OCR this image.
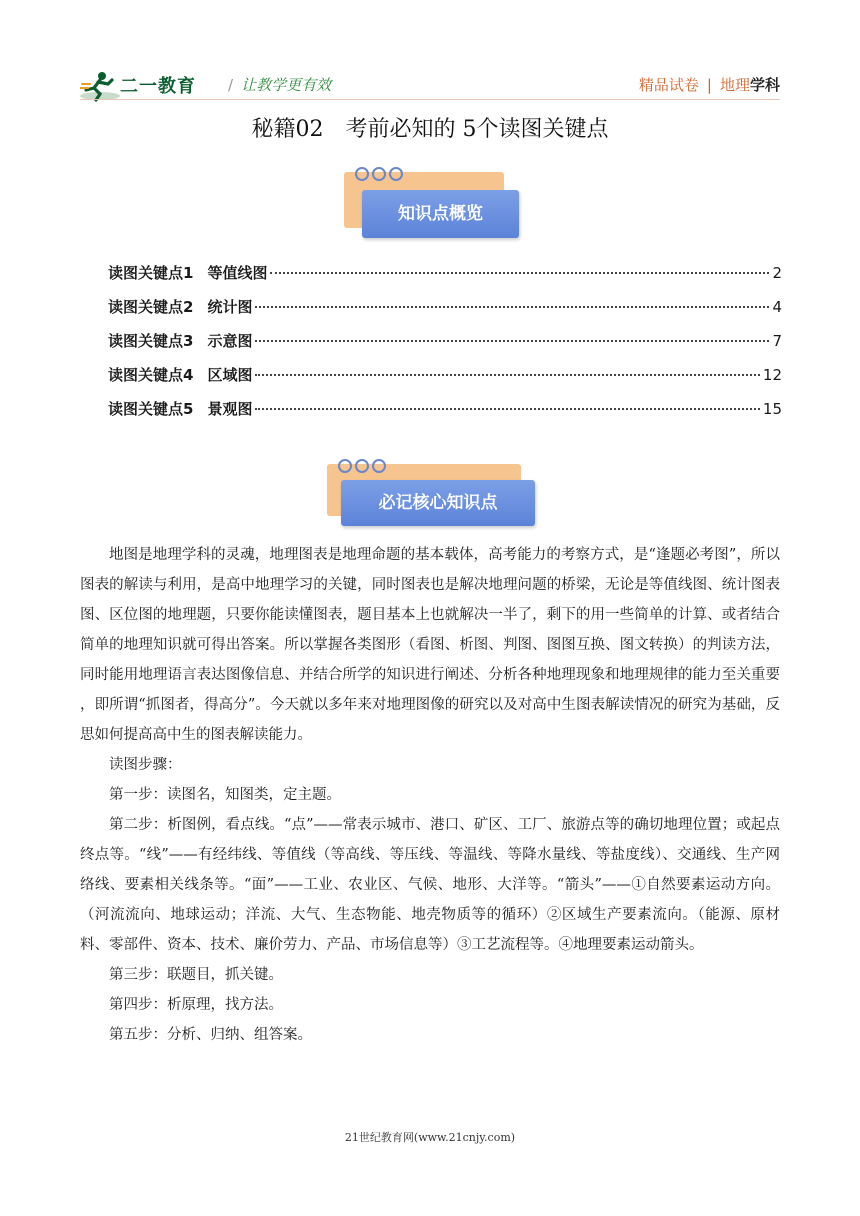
二一教育 / 让教学更有效	精品试卷 | 地理学科
秘籍02　考前必知的 5个读图关键点
知识点概览
读图关键点1 等值线图	2
读图关键点2 统计图	4
读图关键点3 示意图	7
读图关键点4 区域图	12
读图关键点5 景观图	15
必记核心知识点

地图是地理学科的灵魂，地理图表是地理命题的基本载体，高考能力的考察方式，是“逢题必考图”，所以图表的解读与利用，是高中地理学习的关键，同时图表也是解决地理问题的桥梁，无论是等值线图、统计图表图、区位图的地理题，只要你能读懂图表，题目基本上也就解决一半了，剩下的用一些简单的计算、或者结合简单的地理知识就可得出答案。所以掌握各类图形（看图、析图、判图、图图互换、图文转换）的判读方法，同时能用地理语言表达图像信息、并结合所学的知识进行阐述、分析各种地理现象和地理规律的能力至关重要 ，即所谓“抓图者，得高分”。今天就以多年来对地理图像的研究以及对高中生图表解读情况的研究为基础，反思如何提高高中生的图表解读能力。

读图步骤：

第一步：读图名，知图类，定主题。

第二步：析图例，看点线。“点”——常表示城市、港口、矿区、工厂、旅游点等的确切地理位置；或起点终点等。“线”——有经纬线、等值线（等高线、等压线、等温线、等降水量线、等盐度线）、交通线、生产网络线、要素相关线条等。“面”——工业、农业区、气候、地形、大洋等。“箭头”——①自然要素运动方向。（河流流向、地球运动；洋流、大气、生态物能、地壳物质等的循环）②区域生产要素流向。（能源、原材料、零部件、资本、技术、廉价劳力、产品、市场信息等）③工艺流程等。④地理要素运动箭头。

第三步：联题目，抓关键。

第四步：析原理，找方法。

第五步：分析、归纳、组答案。

21世纪教育网(www.21cnjy.com)
